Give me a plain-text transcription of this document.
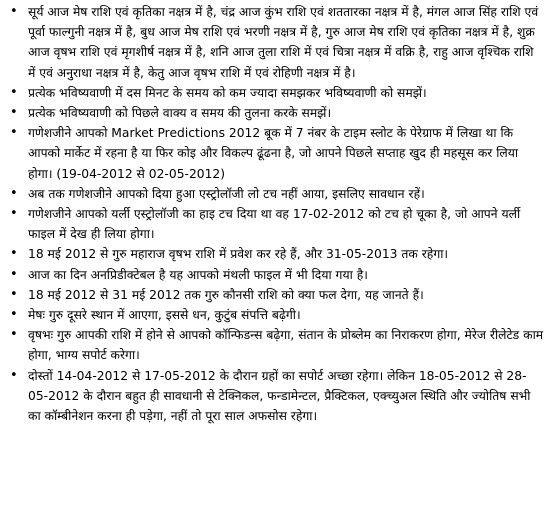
• सूर्य आज मेष राशि एवं कृतिका नक्षत्र में है, चंद्र आज कुंभ राशि एवं शततारका नक्षत्र में है, मंगल आज सिंह राशि एवं पूर्वा फाल्गुनी नक्षत्र में है, बुध आज मेष राशि एवं भरणी नक्षत्र में है, गुरु आज मेष राशि एवं कृतिका नक्षत्र में है, शुक्र आज वृषभ राशि एवं मृगशीर्ष नक्षत्र में है, शनि आज तुला राशि में एवं चित्रा नक्षत्र में वक्रि है, राहु आज वृश्चिक राशि में एवं अनुराधा नक्षत्र में है, केतु आज वृषभ राशि में एवं रोहिणी नक्षत्र में है।
• प्रत्येक भविष्यवाणी में दस मिनट के समय को कम ज्यादा समझकर भविष्यवाणी को समझें।
• प्रत्येक भविष्यवाणी को पिछले वाक्य व समय की तुलना करके समझें।
• गणेशजीने आपको Market Predictions 2012 बूक में 7 नंबर के टाइम स्लोट के पेरेग्राफ में लिखा था कि आपको मार्केट में रहना है या फिर कोइ और विकल्प ढूंढना है, जो आपने पिछले सप्ताह खुद ही महसूस कर लिया होगा। (19-04-2012 से 02-05-2012)
• अब तक गणेशजीने आपको दिया हुआ एस्ट्रोलॉजी लो टच नहीं आया, इसलिए सावधान रहें।
• गणेशजीने आपको यर्ली एस्ट्रोलॉजी का हाइ टच दिया था वह 17-02-2012 को टच हो चूका है, जो आपने यर्ली फाइल में देख ही लिया होगा।
• 18 मई 2012 से गुरु महाराज वृषभ राशि में प्रवेश कर रहे हैं, और 31-05-2013 तक रहेगा।
• आज का दिन अनप्रिडीक्टेबल है यह आपको मंथली फाइल में भी दिया गया है।
• 18 मई 2012 से 31 मई 2012 तक गुरु कौनसी राशि को क्या फल देगा, यह जानते हैं।
• मेषः गुरु दूसरे स्थान में आएगा, इससे धन, कुटुंब संपत्ति बढ़ेगी।
• वृषभः गुरु आपकी राशि में होने से आपको कॉन्फिडन्स बढ़ेगा, संतान के प्रोब्लेम का निराकरण होगा, मेरेज रीलेटेड काम होगा, भाग्य सपोर्ट करेगा।
• दोस्तों 14-04-2012 से 17-05-2012 के दौरान ग्रहों का सपोर्ट अच्छा रहेगा। लेकिन 18-05-2012 से 28-05-2012 के दौरान बहुत ही सावधानी से टेक्निकल, फन्डामेन्टल, प्रैक्टिकल, एक्च्युअल स्थिति और ज्योतिष सभी का कॉम्बीनेशन करना ही पड़ेगा, नहीं तो पूरा साल अफसोस रहेगा।
